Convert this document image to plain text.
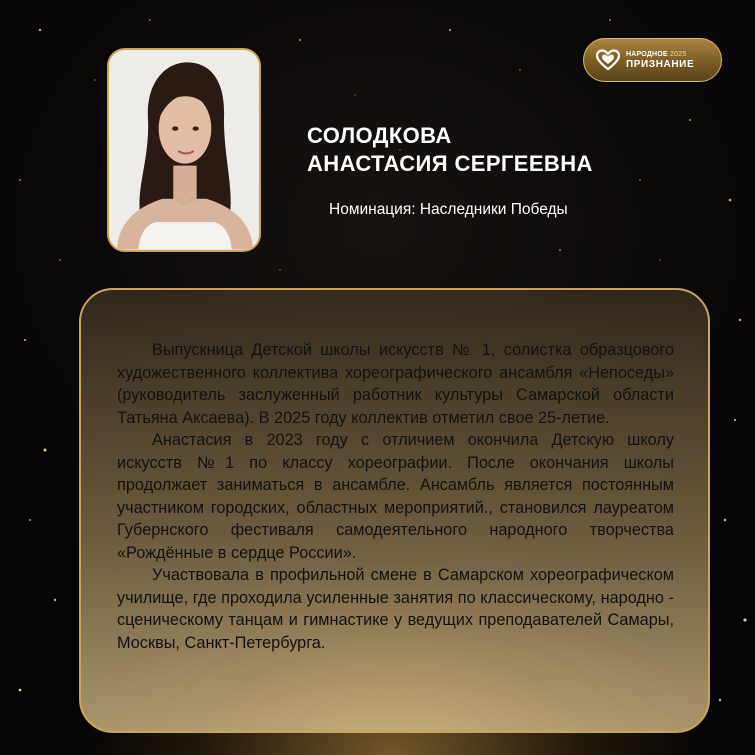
НАРОДНОЕ 2025
ПРИЗНАНИЕ
СОЛОДКОВА
АНАСТАСИЯ СЕРГЕЕВНА
Номинация: Наследники Победы

Выпускница Детской школы искусств № 1, солистка образцового художественного коллектива хореографического ансамбля «Непоседы» (руководитель заслуженный работник культуры Самарской области Татьяна Аксаева). В 2025 году коллектив отметил свое 25-летие.

Анастасия в 2023 году с отличием окончила Детскую школу искусств №1 по классу хореографии. После окончания школы продолжает заниматься в ансамбле. Ансамбль является постоянным участником городских, областных мероприятий., становился лауреатом Губернского фестиваля самодеятельного народного творчества «Рождённые в сердце России».

Участвовала в профильной смене в Самарском хореографическом училище, где проходила усиленные занятия по классическому, народно - сценическому танцам и гимнастике у ведущих преподавателей Самары, Москвы, Санкт-Петербурга.
